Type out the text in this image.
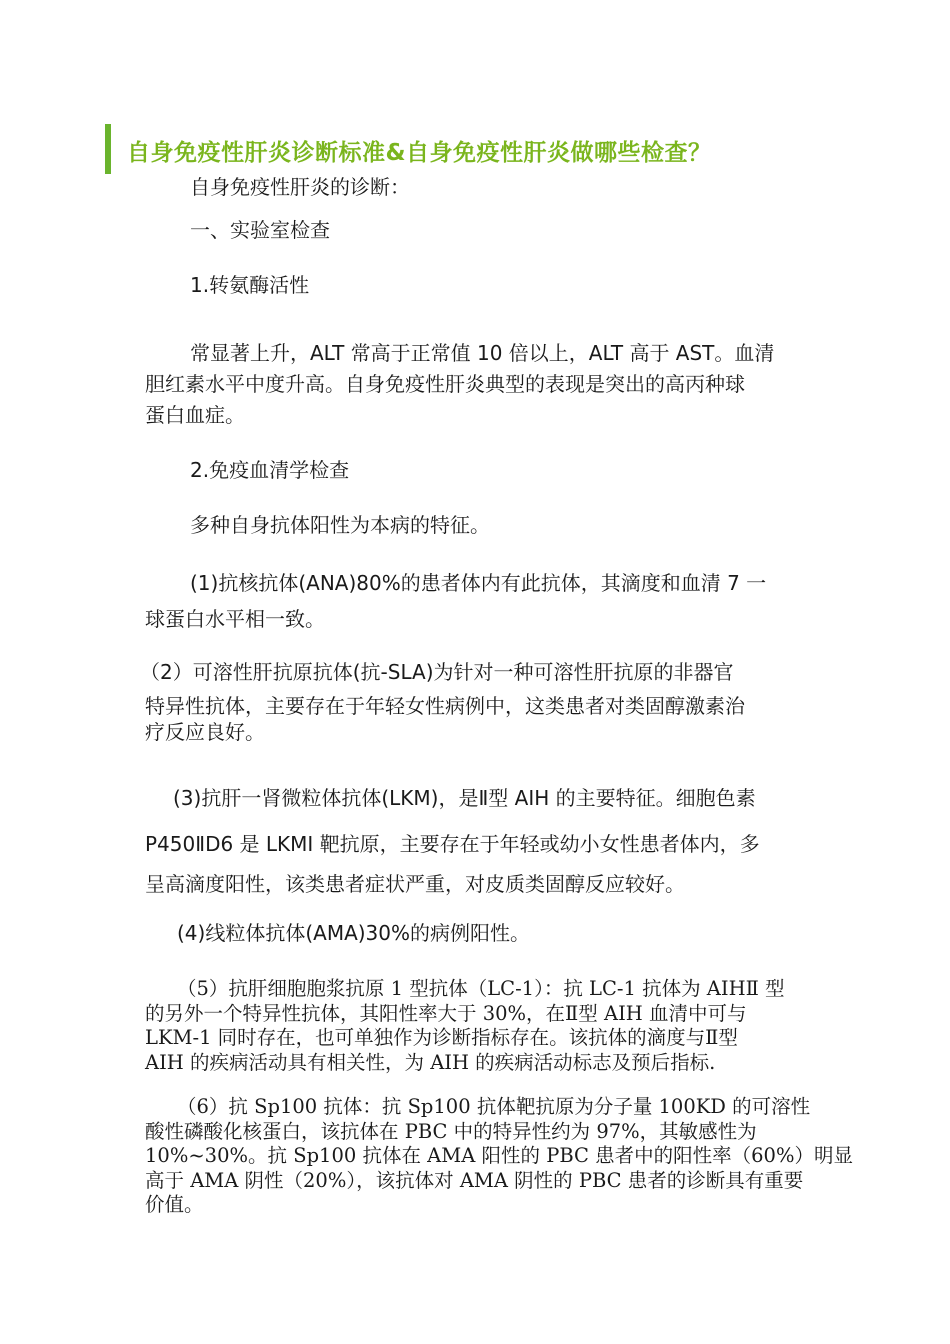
自身免疫性肝炎诊断标准&自身免疫性肝炎做哪些检查？

自身免疫性肝炎的诊断：

一、实验室检查

1.转氨酶活性

常显著上升，ALT 常高于正常值 10 倍以上，ALT 高于 AST。血清
胆红素水平中度升高。自身免疫性肝炎典型的表现是突出的高丙种球
蛋白血症。

2.免疫血清学检查

多种自身抗体阳性为本病的特征。

(1)抗核抗体(ANA)80%的患者体内有此抗体，其滴度和血清 7 一
球蛋白水平相一致。
（2）可溶性肝抗原抗体(抗-SLA)为针对一种可溶性肝抗原的非器官
特异性抗体，主要存在于年轻女性病例中，这类患者对类固醇激素治
疗反应良好。
(3)抗肝一肾微粒体抗体(LKM)，是Ⅱ型 AIH 的主要特征。细胞色素
P450ⅡD6 是 LKMI 靶抗原，主要存在于年轻或幼小女性患者体内，多
呈高滴度阳性，该类患者症状严重，对皮质类固醇反应较好。

(4)线粒体抗体(AMA)30%的病例阳性。

（5）抗肝细胞胞浆抗原 1 型抗体（LC-1）：抗 LC-1 抗体为 AIHⅡ 型
的另外一个特异性抗体，其阳性率大于 30%，在Ⅱ型 AIH 血清中可与
LKM-1 同时存在，也可单独作为诊断指标存在。该抗体的滴度与Ⅱ型
AIH 的疾病活动具有相关性，为 AIH 的疾病活动标志及预后指标.
（6）抗 Sp100 抗体：抗 Sp100 抗体靶抗原为分子量 100KD 的可溶性
酸性磷酸化核蛋白，该抗体在 PBC 中的特异性约为 97%，其敏感性为
10%~30%。抗 Sp100 抗体在 AMA 阳性的 PBC 患者中的阳性率（60%）明显
高于 AMA 阴性（20%），该抗体对 AMA 阴性的 PBC 患者的诊断具有重要
价值。
